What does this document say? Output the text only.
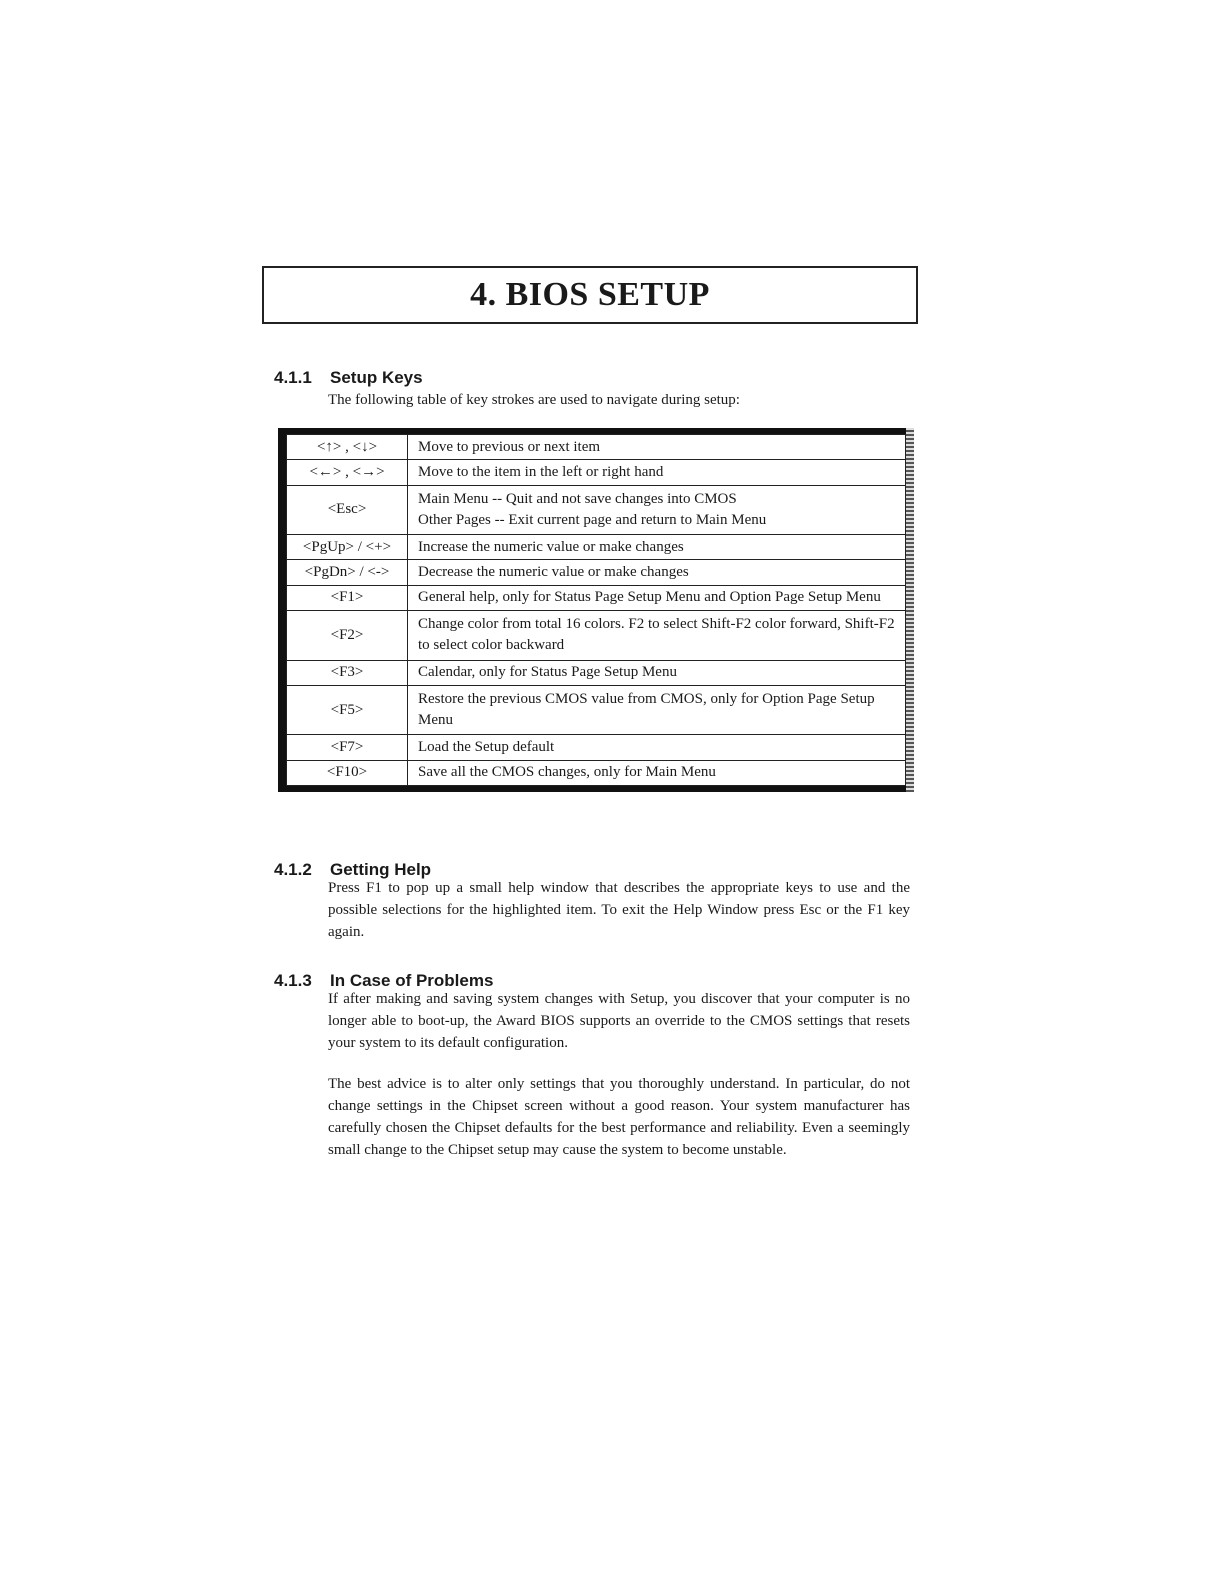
4. BIOS SETUP
4.1.1 Setup Keys

The following table of key strokes are used to navigate during setup:

<↑> , <↓>	Move to previous or next item

<←> , <→>	Move to the item in the left or right hand

<Esc>	Main Menu -- Quit and not save changes into CMOS
Other Pages -- Exit current page and return to Main Menu

<PgUp> / <+>	Increase the numeric value or make changes

<PgDn> / <->	Decrease the numeric value or make changes

<F1>	General help, only for Status Page Setup Menu and Option Page Setup Menu

<F2>	Change color from total 16 colors. F2 to select Shift-F2 color forward, Shift-F2 to select color backward

<F3>	Calendar, only for Status Page Setup Menu

<F5>	Restore the previous CMOS value from CMOS, only for Option Page Setup Menu

<F7>	Load the Setup default

<F10>	Save all the CMOS changes, only for Main Menu
4.1.2 Getting Help

Press F1 to pop up a small help window that describes the appropriate keys to use and the possible selections for the highlighted item. To exit the Help Window press Esc or the F1 key again.

4.1.3 In Case of Problems

If after making and saving system changes with Setup, you discover that your computer is no longer able to boot-up, the Award BIOS supports an override to the CMOS settings that resets your system to its default configuration.

The best advice is to alter only settings that you thoroughly understand. In particular, do not change settings in the Chipset screen without a good reason. Your system manufacturer has carefully chosen the Chipset defaults for the best performance and reliability. Even a seemingly small change to the Chipset setup may cause the system to become unstable.
